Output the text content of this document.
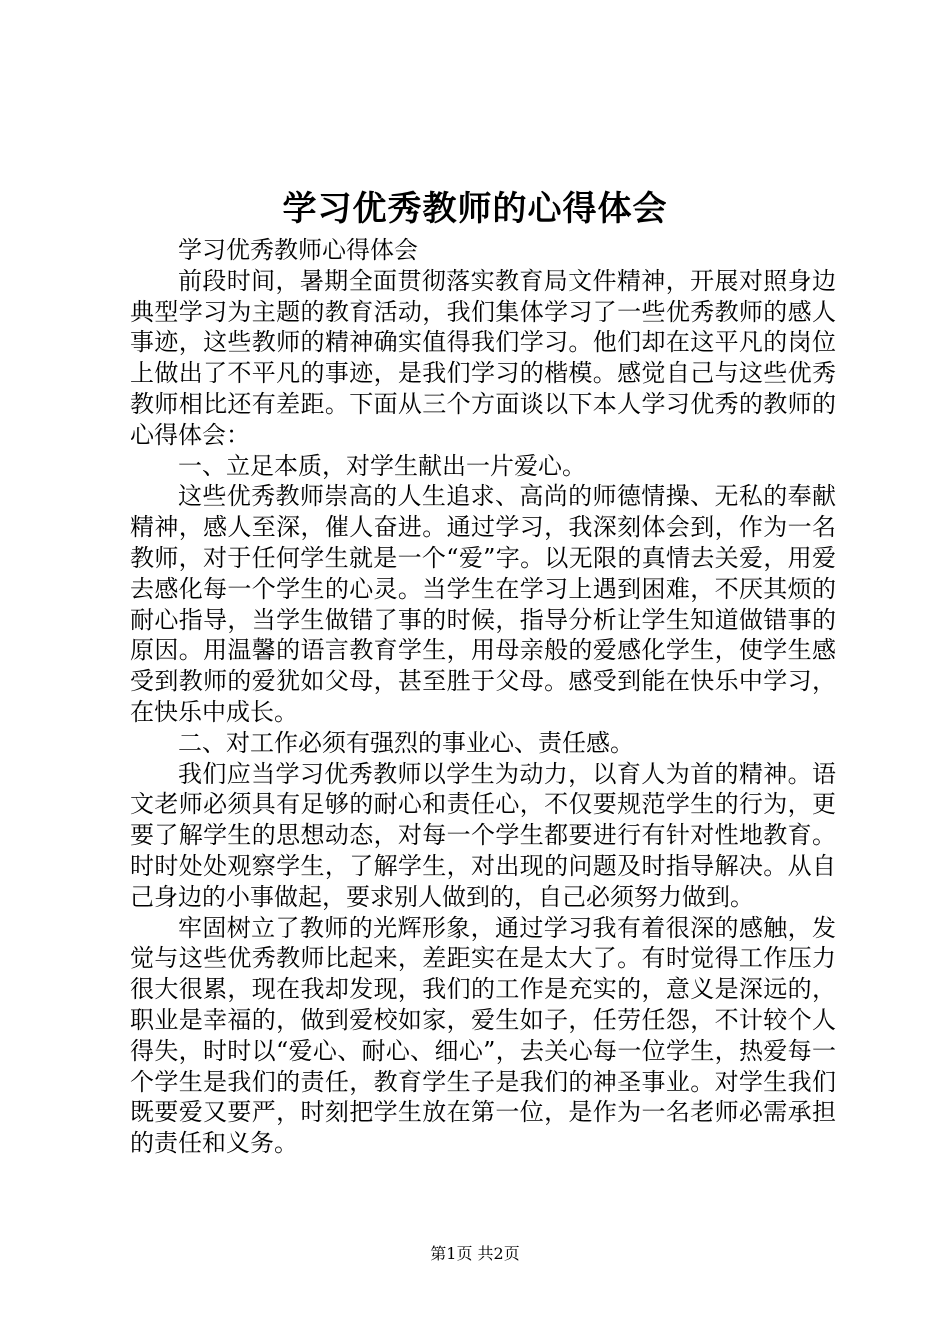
学习优秀教师的心得体会

学习优秀教师心得体会

前段时间，暑期全面贯彻落实教育局文件精神，开展对照身边典型学习为主题的教育活动，我们集体学习了一些优秀教师的感人事迹，这些教师的精神确实值得我们学习。他们却在这平凡的岗位上做出了不平凡的事迹，是我们学习的楷模。感觉自己与这些优秀教师相比还有差距。下面从三个方面谈以下本人学习优秀的教师的心得体会：

一、立足本质，对学生献出一片爱心。

这些优秀教师崇高的人生追求、高尚的师德情操、无私的奉献精神，感人至深，催人奋进。通过学习，我深刻体会到，作为一名教师，对于任何学生就是一个“爱”字。以无限的真情去关爱，用爱去感化每一个学生的心灵。当学生在学习上遇到困难，不厌其烦的耐心指导，当学生做错了事的时候，指导分析让学生知道做错事的原因。用温馨的语言教育学生，用母亲般的爱感化学生，使学生感受到教师的爱犹如父母，甚至胜于父母。感受到能在快乐中学习，在快乐中成长。

二、对工作必须有强烈的事业心、责任感。

我们应当学习优秀教师以学生为动力，以育人为首的精神。语文老师必须具有足够的耐心和责任心，不仅要规范学生的行为，更要了解学生的思想动态，对每一个学生都要进行有针对性地教育。时时处处观察学生，了解学生，对出现的问题及时指导解决。从自己身边的小事做起，要求别人做到的，自己必须努力做到。

牢固树立了教师的光辉形象，通过学习我有着很深的感触，发觉与这些优秀教师比起来，差距实在是太大了。有时觉得工作压力很大很累，现在我却发现，我们的工作是充实的，意义是深远的，职业是幸福的，做到爱校如家，爱生如子，任劳任怨，不计较个人得失，时时以“爱心、耐心、细心”，去关心每一位学生，热爱每一个学生是我们的责任，教育学生子是我们的神圣事业。对学生我们既要爱又要严，时刻把学生放在第一位，是作为一名老师必需承担的责任和义务。

第1页 共2页
